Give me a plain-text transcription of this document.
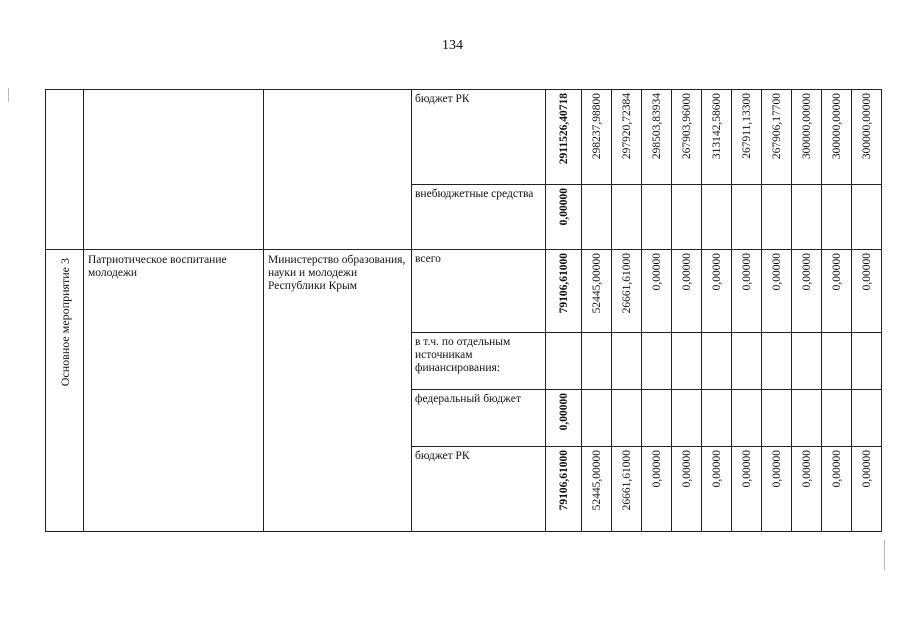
134

			бюджет РК	2911526,40718	298237,98800	297920,72384	298503,83934	267903,96000	313142,58600	267911,13300	267906,17700	300000,00000	300000,00000	300000,00000

			внебюджетные средства	0,00000										

Основное мероприятие 3	Патриотическое воспитание молодежи	Министерство образования, науки и молодежи Республики Крым	всего	79106,61000	52445,00000	26661,61000	0,00000	0,00000	0,00000	0,00000	0,00000	0,00000	0,00000	0,00000

			в т.ч. по отдельным источникам финансирования:											

			федеральный бюджет	0,00000										

			бюджет РК	79106,61000	52445,00000	26661,61000	0,00000	0,00000	0,00000	0,00000	0,00000	0,00000	0,00000	0,00000
